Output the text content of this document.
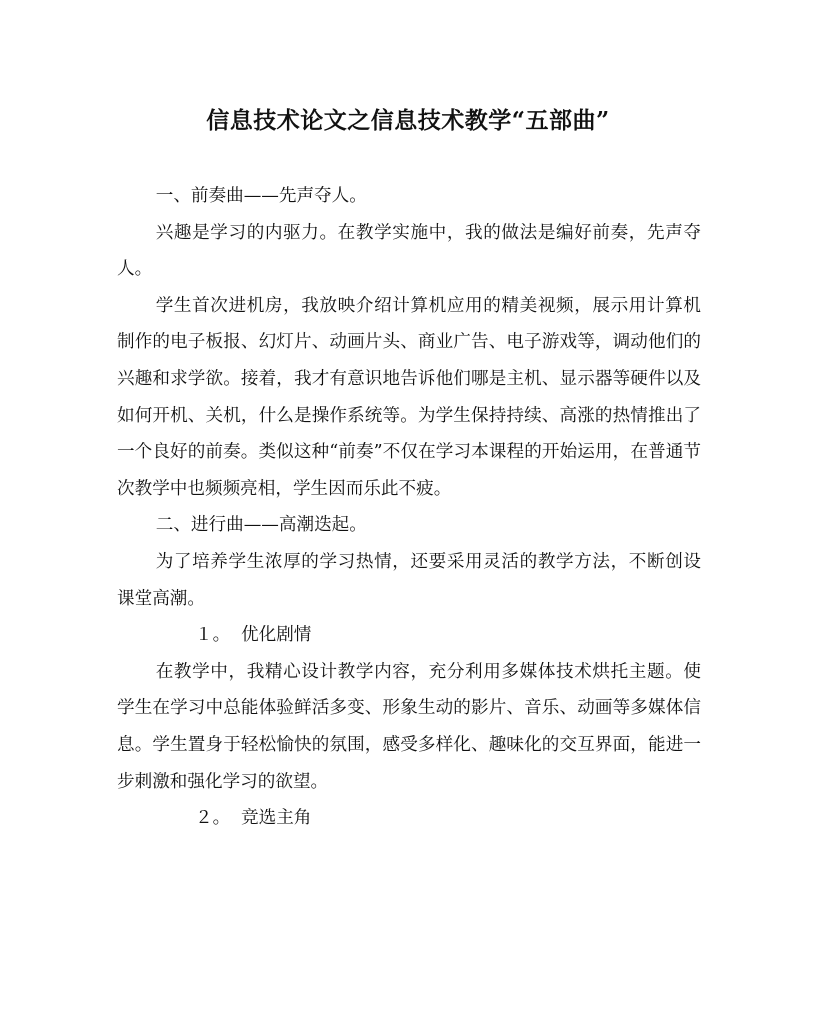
信息技术论文之信息技术教学“五部曲”

一、前奏曲——先声夺人。

兴趣是学习的内驱力。在教学实施中，我的做法是编好前奏，先声夺人。

学生首次进机房，我放映介绍计算机应用的精美视频，展示用计算机制作的电子板报、幻灯片、动画片头、商业广告、电子游戏等，调动他们的兴趣和求学欲。接着，我才有意识地告诉他们哪是主机、显示器等硬件以及如何开机、关机，什么是操作系统等。为学生保持持续、高涨的热情推出了一个良好的前奏。类似这种“前奏”不仅在学习本课程的开始运用，在普通节次教学中也频频亮相，学生因而乐此不疲。

二、进行曲——高潮迭起。

为了培养学生浓厚的学习热情，还要采用灵活的教学方法，不断创设课堂高潮。

１。 优化剧情

在教学中，我精心设计教学内容，充分利用多媒体技术烘托主题。使学生在学习中总能体验鲜活多变、形象生动的影片、音乐、动画等多媒体信息。学生置身于轻松愉快的氛围，感受多样化、趣味化的交互界面，能进一步刺激和强化学习的欲望。

２。 竞选主角
